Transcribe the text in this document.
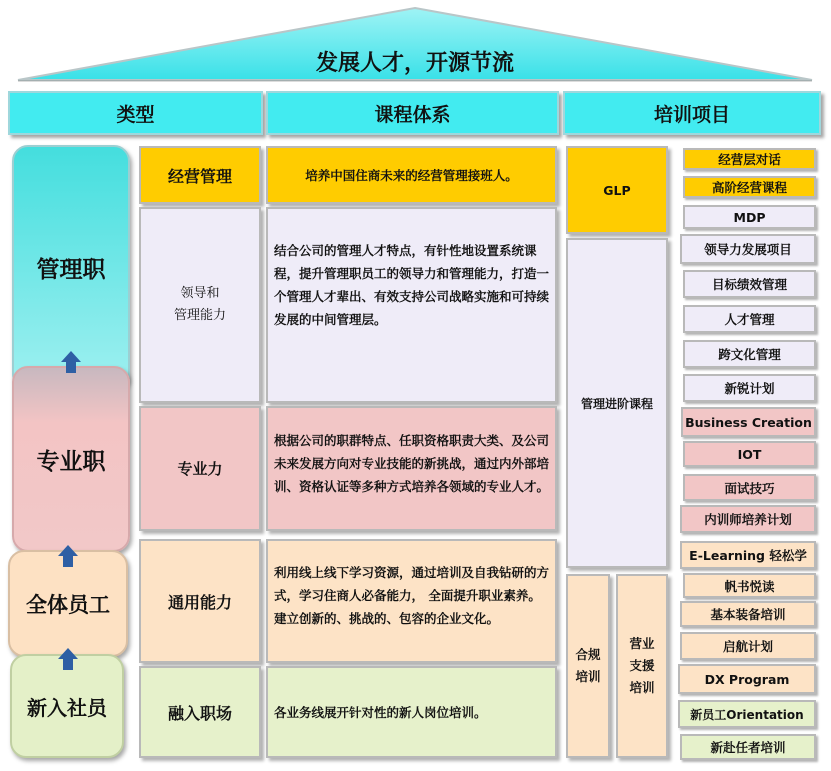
发展人才，开源节流
类型	课程体系	培训项目
管理职
专业职
全体员工
新入社员
经营管理
领导和
管理能力
专业力
通用能力
融入职场
培养中国住商未来的经营管理接班人。
结合公司的管理人才特点，有针性地设置系统课程，提升管理职员工的领导力和管理能力，打造一个管理人才辈出、有效支持公司战略实施和可持续发展的中间管理层。
根据公司的职群特点、任职资格职责大类、及公司未来发展方向对专业技能的新挑战，通过内外部培训、资格认证等多种方式培养各领域的专业人才。
利用线上线下学习资源，通过培训及自我钻研的方式，学习住商人必备能力， 全面提升职业素养。建立创新的、挑战的、包容的企业文化。
各业务线展开针对性的新人岗位培训。
GLP
管理进阶课程
合规
培训
营业
支援
培训
经营层对话
高阶经营课程
MDP
领导力发展项目
目标绩效管理
人才管理
跨文化管理
新锐计划
Business Creation
IOT
面试技巧
内训师培养计划
E-Learning 轻松学
帆书悦读
基本装备培训
启航计划
DX Program
新员工Orientation
新赴任者培训
